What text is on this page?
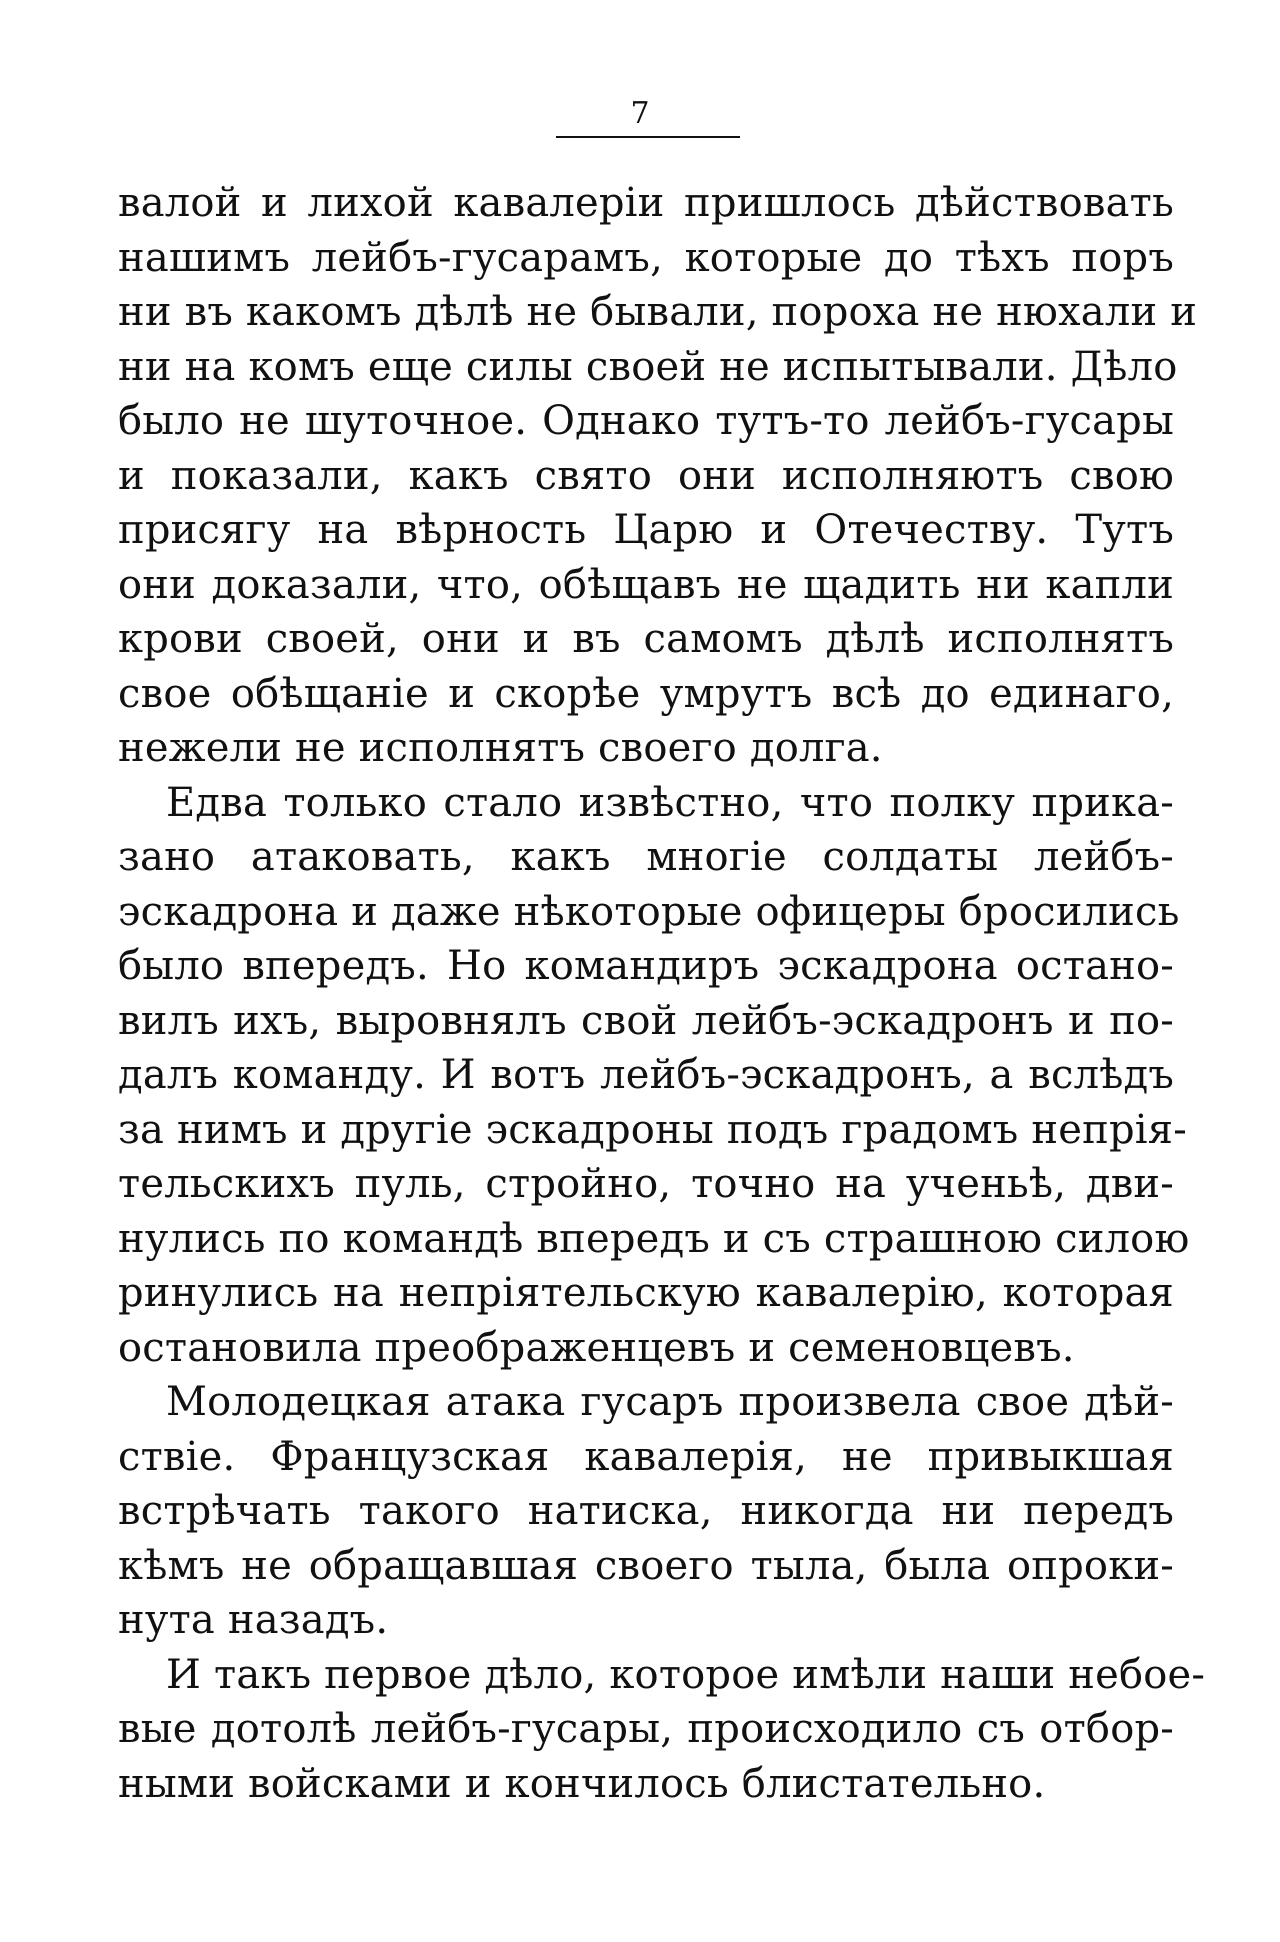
7
валой и лихой кавалеріи пришлось дѣйствовать
нашимъ лейбъ-гусарамъ, которые до тѣхъ поръ
ни въ какомъ дѣлѣ не бывали, пороха не нюхали и
ни на комъ еще силы своей не испытывали. Дѣло
было не шуточное. Однако тутъ-то лейбъ-гусары
и показали, какъ свято они исполняютъ свою
присягу на вѣрность Царю и Отечеству. Тутъ
они доказали, что, обѣщавъ не щадить ни капли
крови своей, они и въ самомъ дѣлѣ исполнятъ
свое обѣщаніе и скорѣе умрутъ всѣ до единаго,
нежели не исполнятъ своего долга.
Едва только стало извѣстно, что полку прика-
зано атаковать, какъ многіе солдаты лейбъ-
эскадрона и даже нѣкоторые офицеры бросились
было впередъ. Но командиръ эскадрона остано-
вилъ ихъ, выровнялъ свой лейбъ-эскадронъ и по-
далъ команду. И вотъ лейбъ-эскадронъ, а вслѣдъ
за нимъ и другіе эскадроны подъ градомъ непрія-
тельскихъ пуль, стройно, точно на ученьѣ, дви-
нулись по командѣ впередъ и съ страшною силою
ринулись на непріятельскую кавалерію, которая
остановила преображенцевъ и семеновцевъ.
Молодецкая атака гусаръ произвела свое дѣй-
ствіе. Французская кавалерія, не привыкшая
встрѣчать такого натиска, никогда ни передъ
кѣмъ не обращавшая своего тыла, была опроки-
нута назадъ.
И такъ первое дѣло, которое имѣли наши небое-
вые дотолѣ лейбъ-гусары, происходило съ отбор-
ными войсками и кончилось блистательно.
